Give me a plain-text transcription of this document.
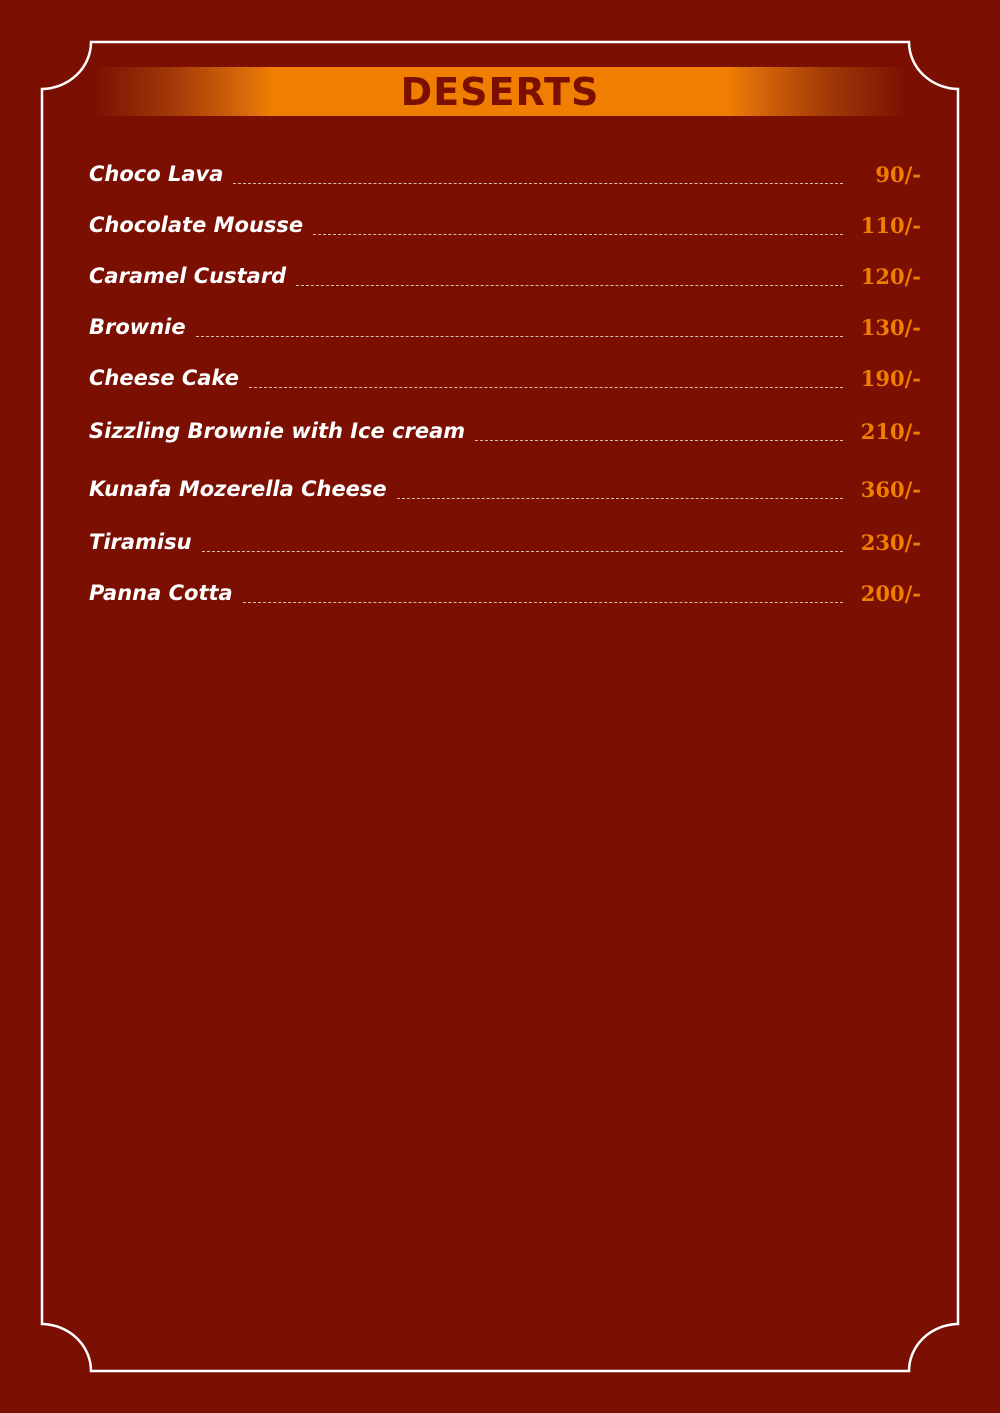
DESERTS
Choco Lava	90/-
Chocolate Mousse	110/-
Caramel Custard	120/-
Brownie	130/-
Cheese Cake	190/-
Sizzling Brownie with Ice cream	210/-
Kunafa Mozerella Cheese	360/-
Tiramisu	230/-
Panna Cotta	200/-
